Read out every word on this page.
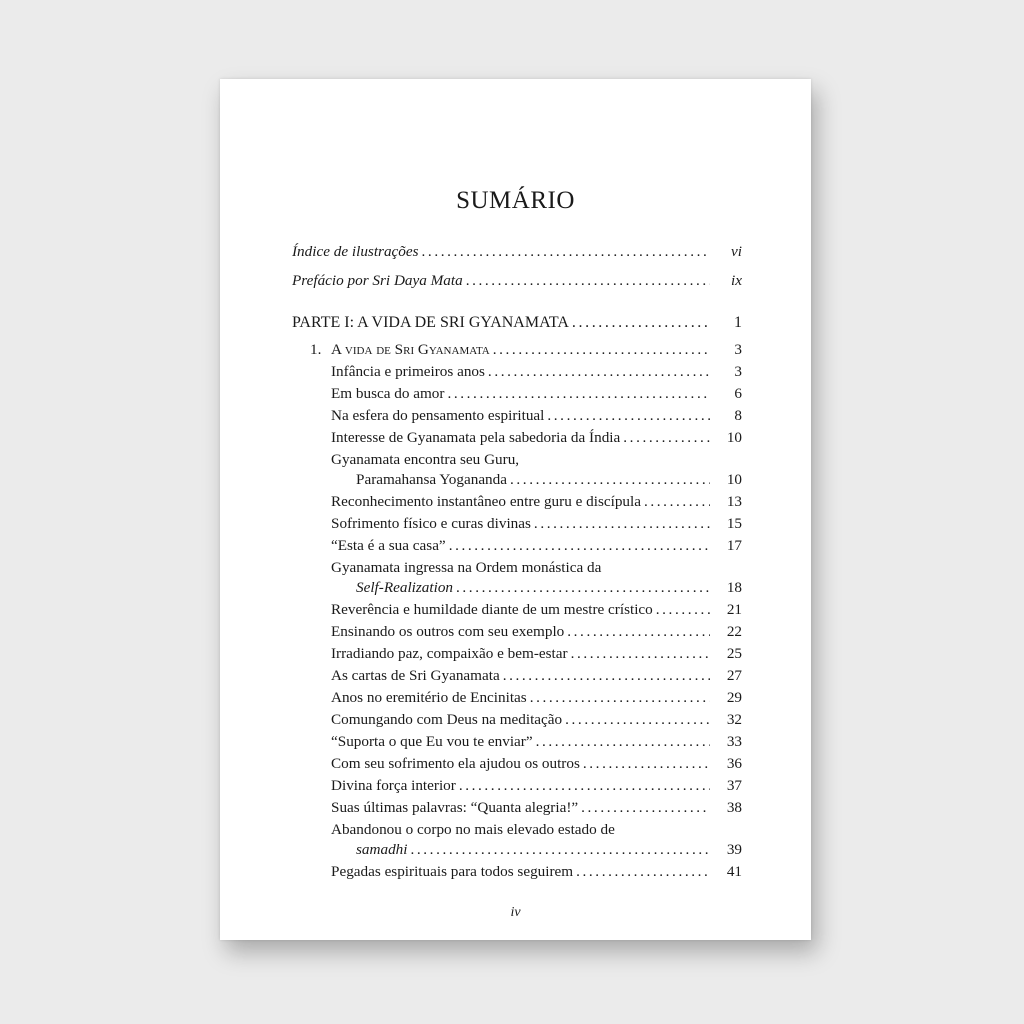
SUMÁRIO
Índice de ilustrações .....	vi
Prefácio por Sri Daya Mata .....	ix
PARTE I: A VIDA DE SRI GYANAMATA .....	1
1. A vida de Sri Gyanamata .....	3
Infância e primeiros anos .....	3
Em busca do amor .....	6
Na esfera do pensamento espiritual .....	8
Interesse de Gyanamata pela sabedoria da Índia .....	10
Gyanamata encontra seu Guru,
Paramahansa Yogananda .....	10
Reconhecimento instantâneo entre guru e discípula .....	13
Sofrimento físico e curas divinas .....	15
“Esta é a sua casa” .....	17
Gyanamata ingressa na Ordem monástica da
Self-Realization .....	18
Reverência e humildade diante de um mestre crístico .....	21
Ensinando os outros com seu exemplo .....	22
Irradiando paz, compaixão e bem-estar .....	25
As cartas de Sri Gyanamata .....	27
Anos no eremitério de Encinitas .....	29
Comungando com Deus na meditação .....	32
“Suporta o que Eu vou te enviar” .....	33
Com seu sofrimento ela ajudou os outros .....	36
Divina força interior .....	37
Suas últimas palavras: “Quanta alegria!” .....	38
Abandonou o corpo no mais elevado estado de
samadhi .....	39
Pegadas espirituais para todos seguirem .....	41
iv
